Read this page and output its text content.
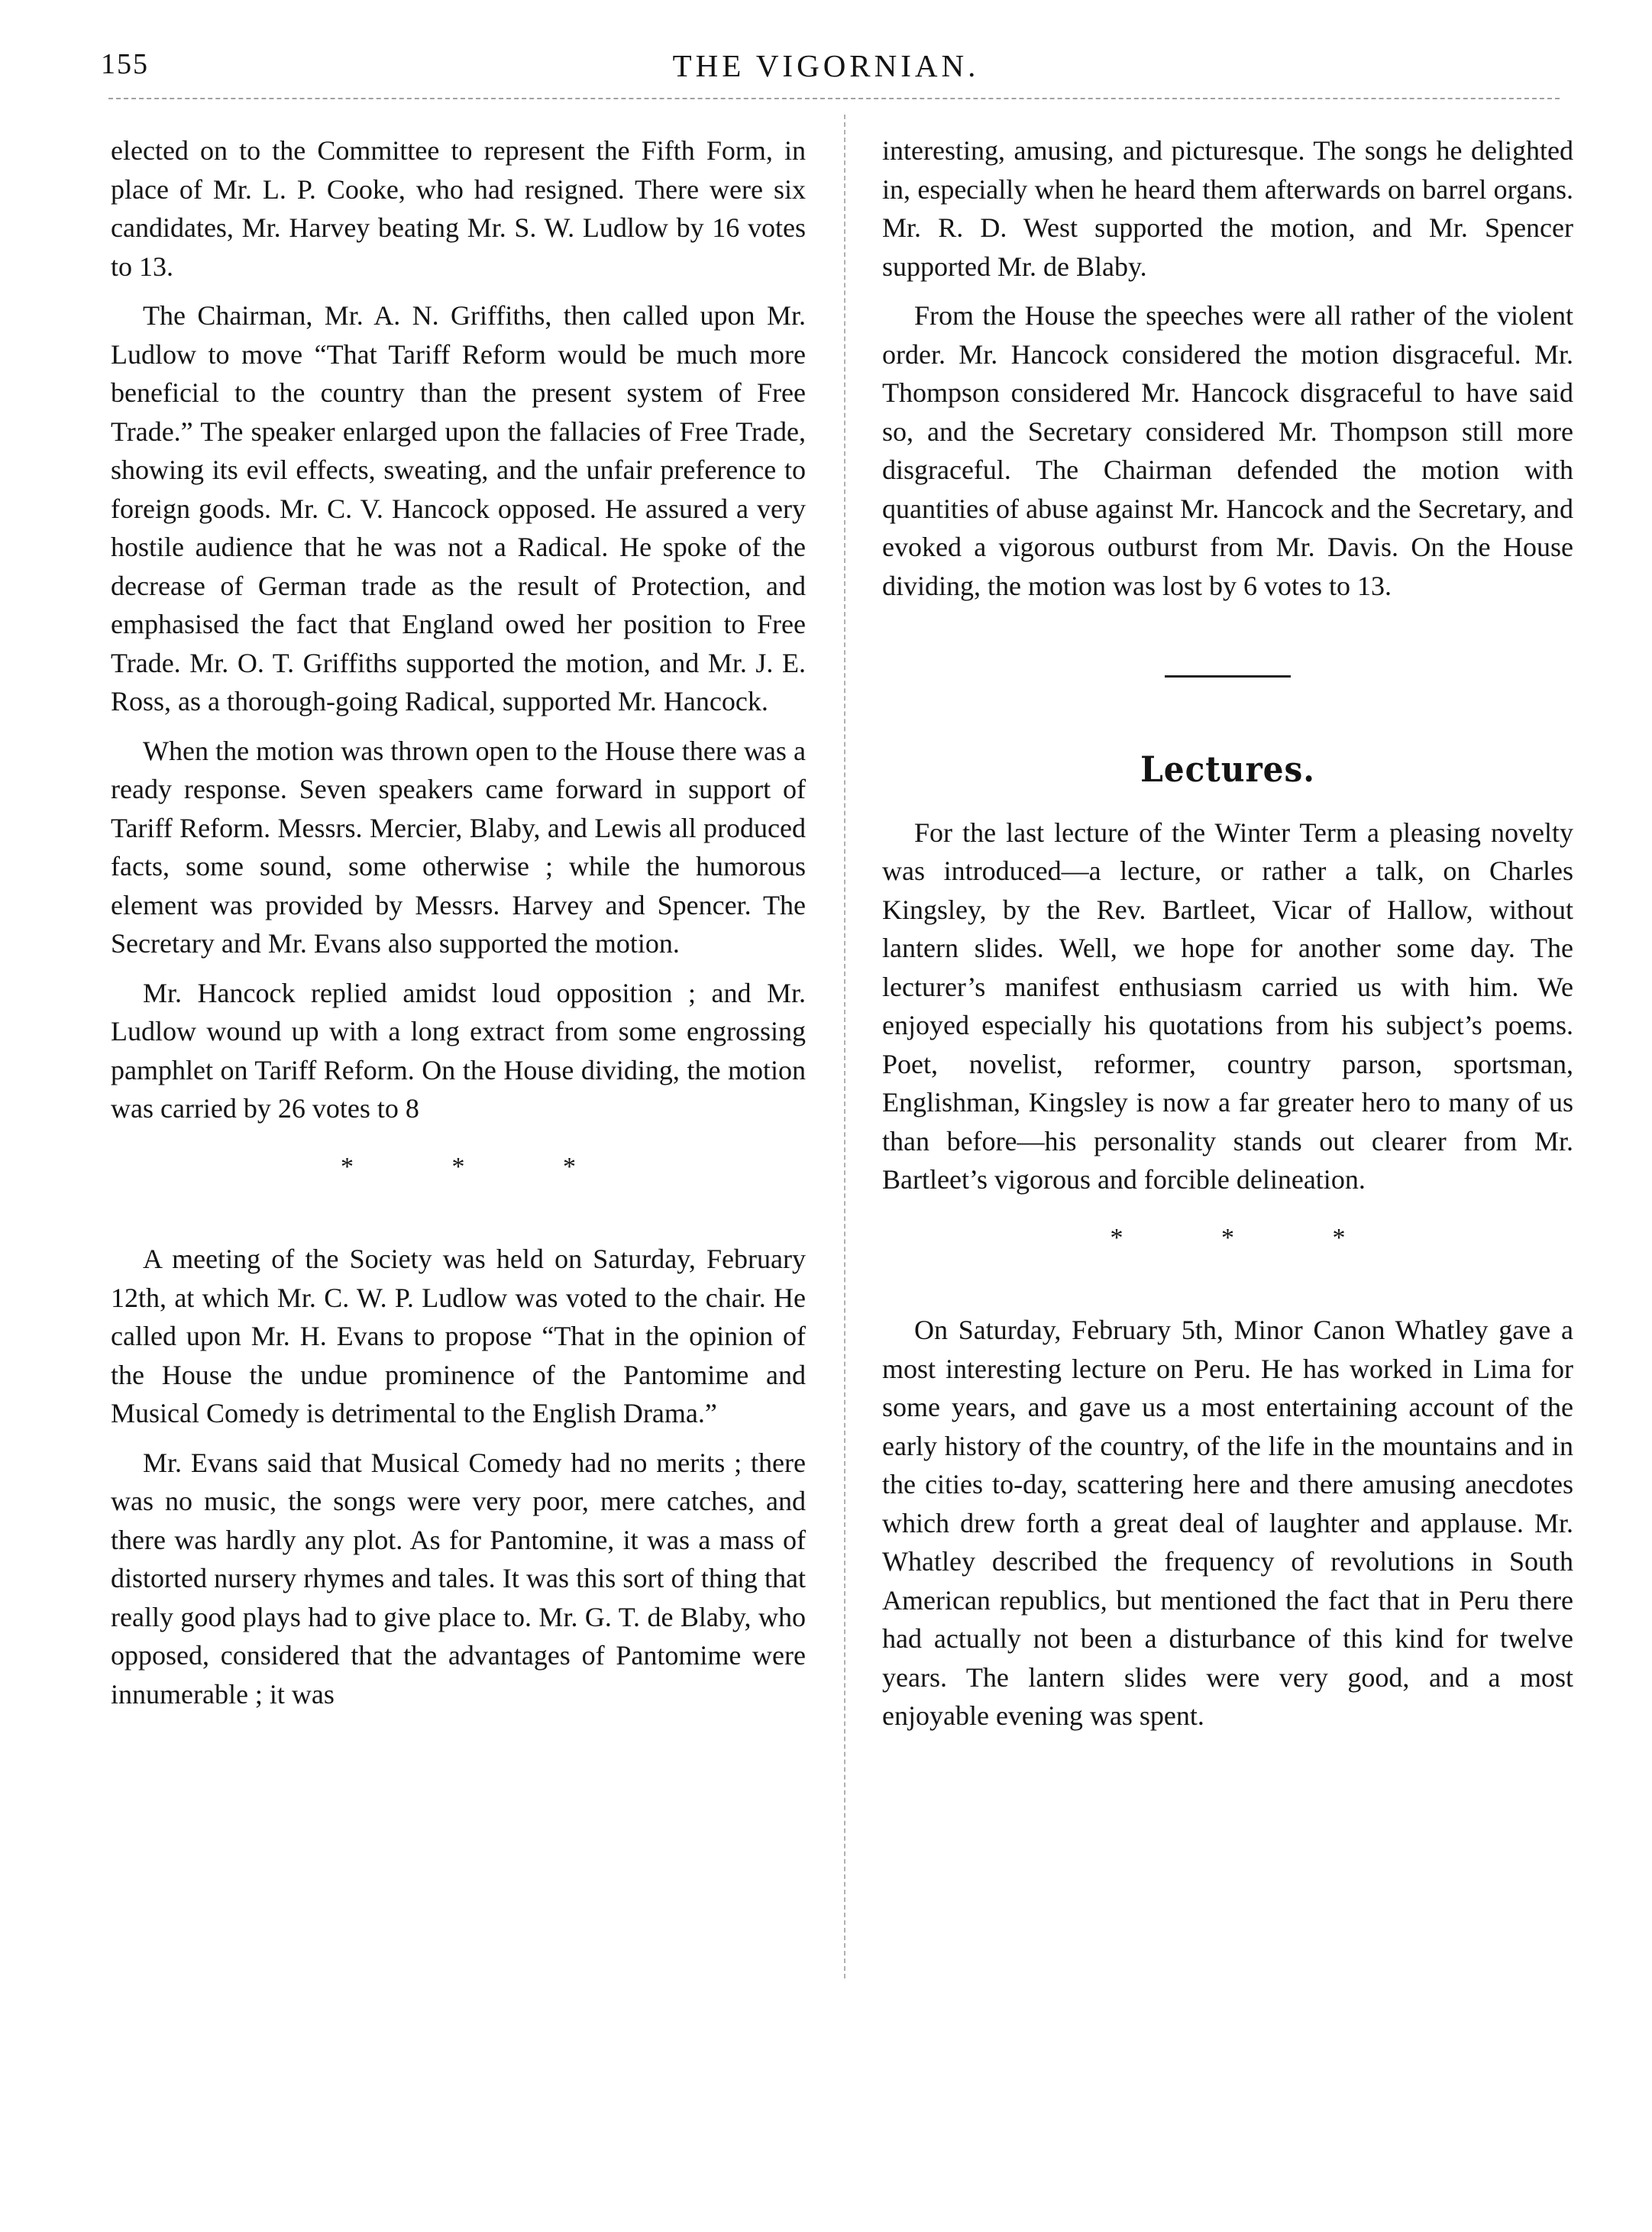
155	THE VIGORNIAN.

elected on to the Committee to represent the Fifth Form, in place of Mr. L. P. Cooke, who had resigned. There were six candidates, Mr. Harvey beating Mr. S. W. Ludlow by 16 votes to 13.

The Chairman, Mr. A. N. Griffiths, then called upon Mr. Ludlow to move “That Tariff Reform would be much more beneficial to the country than the present system of Free Trade.” The speaker enlarged upon the fallacies of Free Trade, showing its evil effects, sweating, and the unfair preference to foreign goods. Mr. C. V. Hancock opposed. He assured a very hostile audience that he was not a Radical. He spoke of the decrease of German trade as the result of Protection, and emphasised the fact that England owed her position to Free Trade. Mr. O. T. Griffiths supported the motion, and Mr. J. E. Ross, as a thorough-going Radical, supported Mr. Hancock.

When the motion was thrown open to the House there was a ready response. Seven speakers came forward in support of Tariff Reform. Messrs. Mercier, Blaby, and Lewis all produced facts, some sound, some otherwise ; while the humorous element was provided by Messrs. Harvey and Spencer. The Secretary and Mr. Evans also supported the motion.

Mr. Hancock replied amidst loud opposition ; and Mr. Ludlow wound up with a long extract from some engrossing pamphlet on Tariff Reform. On the House dividing, the motion was carried by 26 votes to 8

* * *

A meeting of the Society was held on Saturday, February 12th, at which Mr. C. W. P. Ludlow was voted to the chair. He called upon Mr. H. Evans to propose “That in the opinion of the House the undue prominence of the Pantomime and Musical Comedy is detrimental to the English Drama.”

Mr. Evans said that Musical Comedy had no merits ; there was no music, the songs were very poor, mere catches, and there was hardly any plot. As for Pantomine, it was a mass of distorted nursery rhymes and tales. It was this sort of thing that really good plays had to give place to. Mr. G. T. de Blaby, who opposed, considered that the advantages of Pantomime were innumerable ; it was

interesting, amusing, and picturesque. The songs he delighted in, especially when he heard them afterwards on barrel organs. Mr. R. D. West supported the motion, and Mr. Spencer supported Mr. de Blaby.

From the House the speeches were all rather of the violent order. Mr. Hancock considered the motion disgraceful. Mr. Thompson considered Mr. Hancock disgraceful to have said so, and the Secretary considered Mr. Thompson still more disgraceful. The Chairman defended the motion with quantities of abuse against Mr. Hancock and the Secretary, and evoked a vigorous outburst from Mr. Davis. On the House dividing, the motion was lost by 6 votes to 13.

Lectures.

For the last lecture of the Winter Term a pleasing novelty was introduced—a lecture, or rather a talk, on Charles Kingsley, by the Rev. Bartleet, Vicar of Hallow, without lantern slides. Well, we hope for another some day. The lecturer’s manifest enthusiasm carried us with him. We enjoyed especially his quotations from his subject’s poems. Poet, novelist, reformer, country parson, sportsman, Englishman, Kingsley is now a far greater hero to many of us than before—his personality stands out clearer from Mr. Bartleet’s vigorous and forcible delineation.

* * *

On Saturday, February 5th, Minor Canon Whatley gave a most interesting lecture on Peru. He has worked in Lima for some years, and gave us a most entertaining account of the early history of the country, of the life in the mountains and in the cities to-day, scattering here and there amusing anecdotes which drew forth a great deal of laughter and applause. Mr. Whatley described the frequency of revolutions in South American republics, but mentioned the fact that in Peru there had actually not been a disturbance of this kind for twelve years. The lantern slides were very good, and a most enjoyable evening was spent.
